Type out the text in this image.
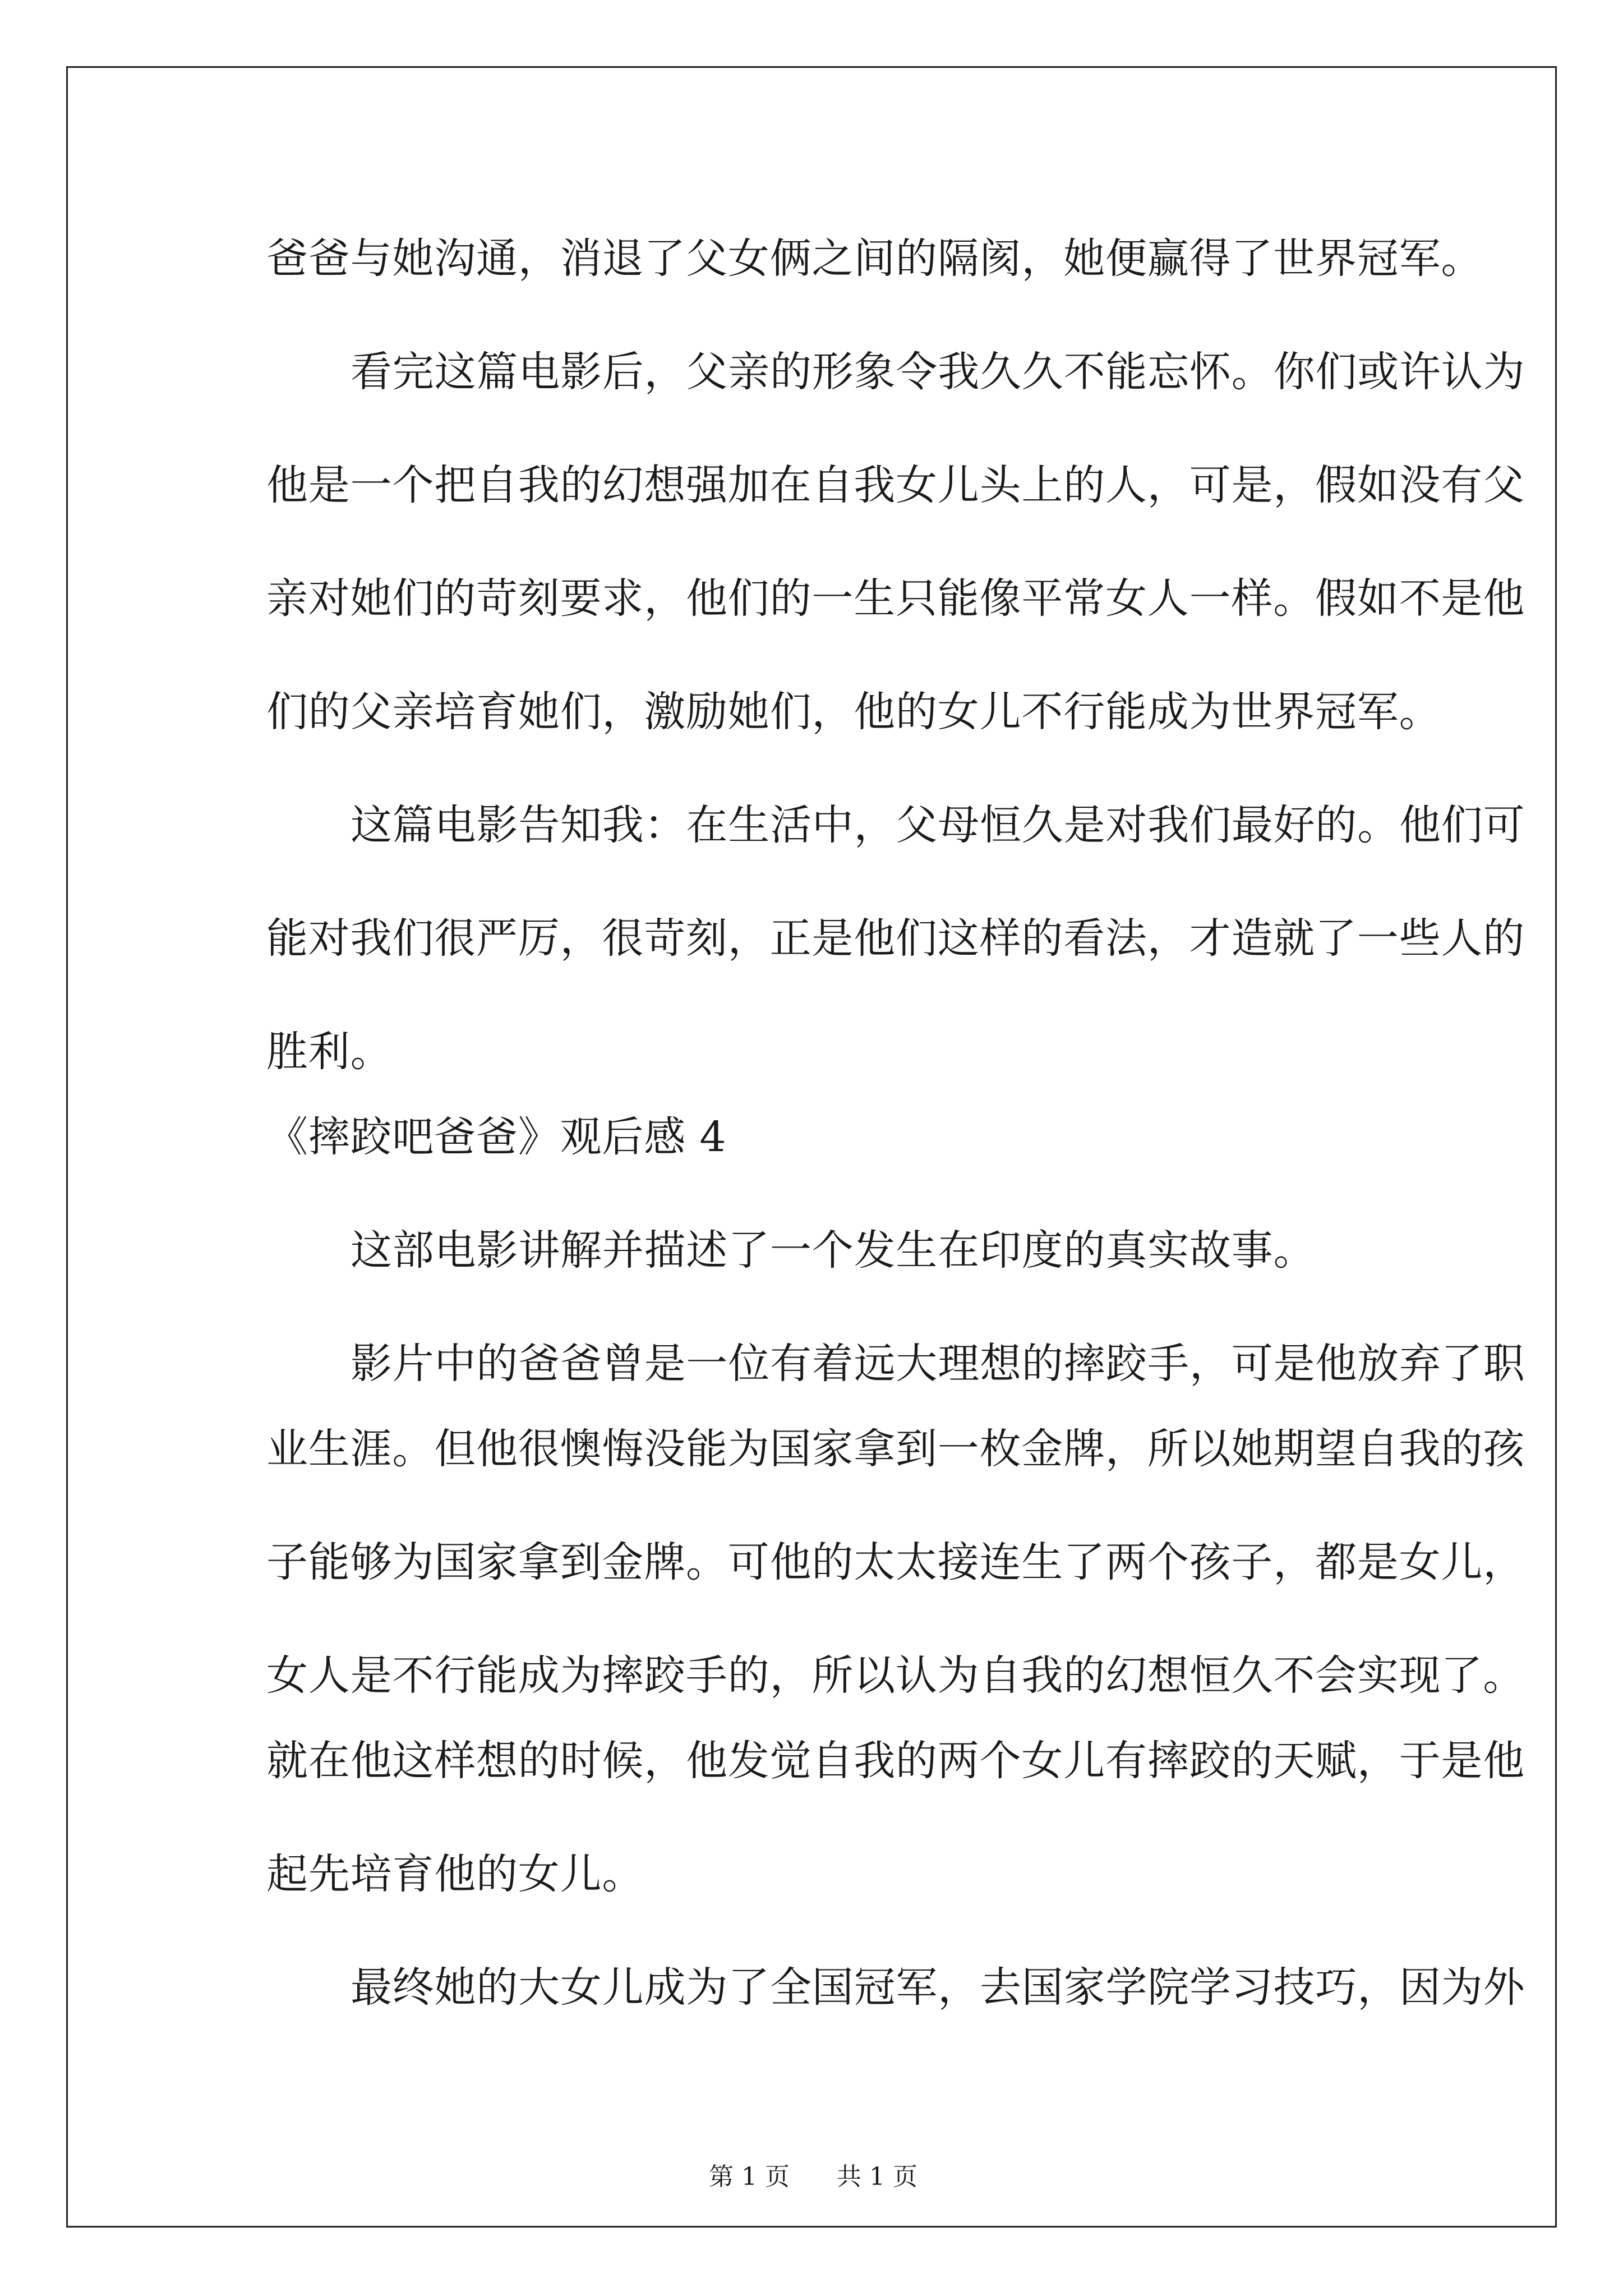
爸爸与她沟通，消退了父女俩之间的隔阂，她便赢得了世界冠军。
看完这篇电影后，父亲的形象令我久久不能忘怀。你们或许认为
他是一个把自我的幻想强加在自我女儿头上的人，可是，假如没有父
亲对她们的苛刻要求，他们的一生只能像平常女人一样。假如不是他
们的父亲培育她们，激励她们，他的女儿不行能成为世界冠军。
这篇电影告知我：在生活中，父母恒久是对我们最好的。他们可
能对我们很严厉，很苛刻，正是他们这样的看法，才造就了一些人的
胜利。
《摔跤吧爸爸》观后感 4
这部电影讲解并描述了一个发生在印度的真实故事。
影片中的爸爸曾是一位有着远大理想的摔跤手，可是他放弃了职
业生涯。但他很懊悔没能为国家拿到一枚金牌，所以她期望自我的孩
子能够为国家拿到金牌。可他的太太接连生了两个孩子，都是女儿，
女人是不行能成为摔跤手的，所以认为自我的幻想恒久不会实现了。
就在他这样想的时候，他发觉自我的两个女儿有摔跤的天赋，于是他
起先培育他的女儿。
最终她的大女儿成为了全国冠军，去国家学院学习技巧，因为外
第 1 页 共 1 页
